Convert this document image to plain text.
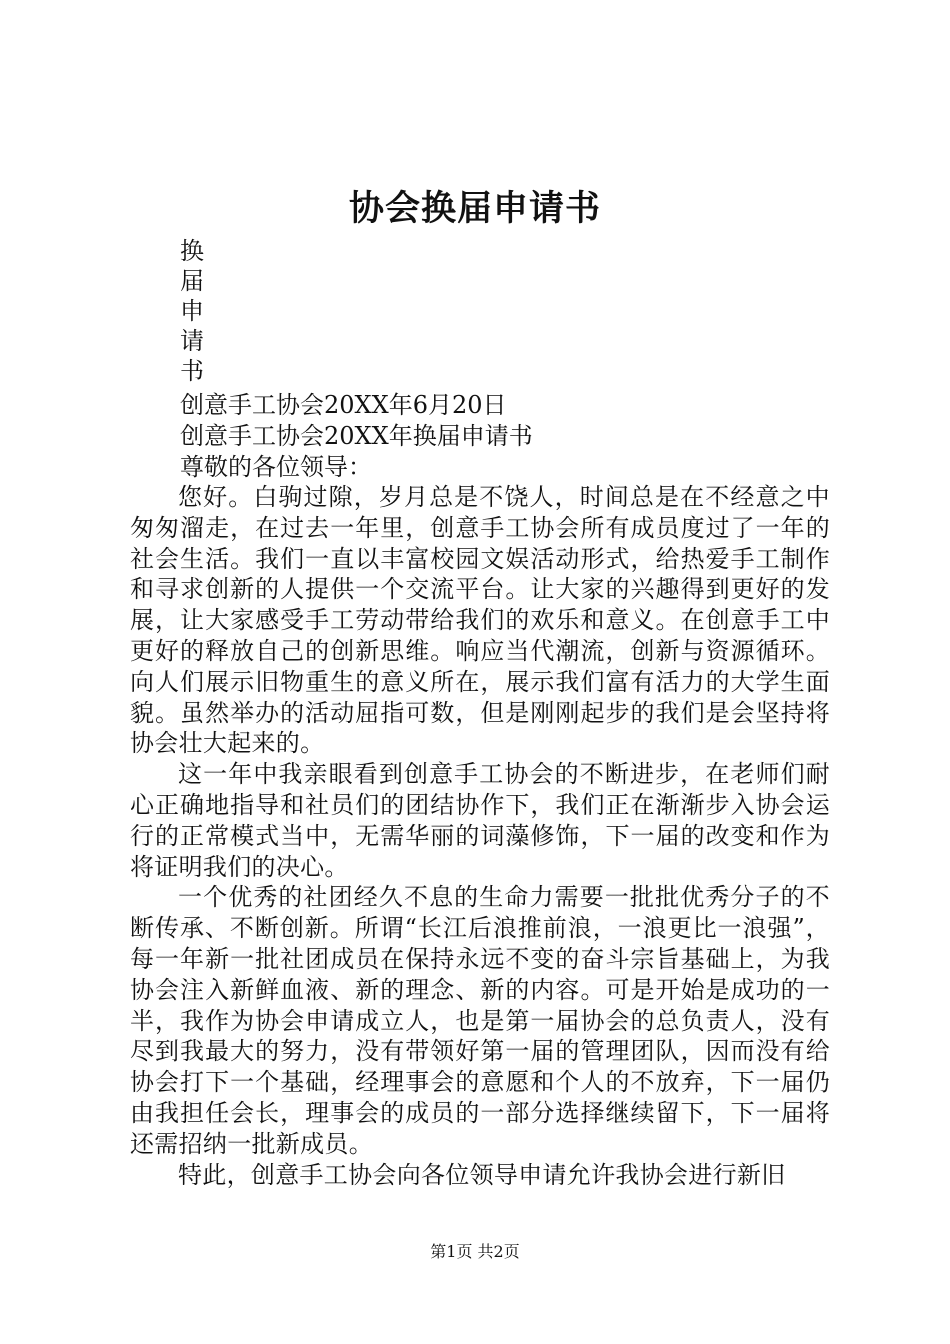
协会换届申请书
换
届
申
请
书
创意手工协会20XX年6月20日
创意手工协会20XX年换届申请书
尊敬的各位领导：

您好。白驹过隙，岁月总是不饶人，时间总是在不经意之中匆匆溜走，在过去一年里，创意手工协会所有成员度过了一年的社会生活。我们一直以丰富校园文娱活动形式，给热爱手工制作和寻求创新的人提供一个交流平台。让大家的兴趣得到更好的发展，让大家感受手工劳动带给我们的欢乐和意义。在创意手工中更好的释放自己的创新思维。响应当代潮流，创新与资源循环。向人们展示旧物重生的意义所在，展示我们富有活力的大学生面貌。虽然举办的活动屈指可数，但是刚刚起步的我们是会坚持将协会壮大起来的。

这一年中我亲眼看到创意手工协会的不断进步，在老师们耐心正确地指导和社员们的团结协作下，我们正在渐渐步入协会运行的正常模式当中，无需华丽的词藻修饰，下一届的改变和作为将证明我们的决心。

一个优秀的社团经久不息的生命力需要一批批优秀分子的不断传承、不断创新。所谓“长江后浪推前浪，一浪更比一浪强”，每一年新一批社团成员在保持永远不变的奋斗宗旨基础上，为我协会注入新鲜血液、新的理念、新的内容。可是开始是成功的一半，我作为协会申请成立人，也是第一届协会的总负责人，没有尽到我最大的努力，没有带领好第一届的管理团队，因而没有给协会打下一个基础，经理事会的意愿和个人的不放弃，下一届仍由我担任会长，理事会的成员的一部分选择继续留下，下一届将还需招纳一批新成员。

特此，创意手工协会向各位领导申请允许我协会进行新旧

第1页 共2页
